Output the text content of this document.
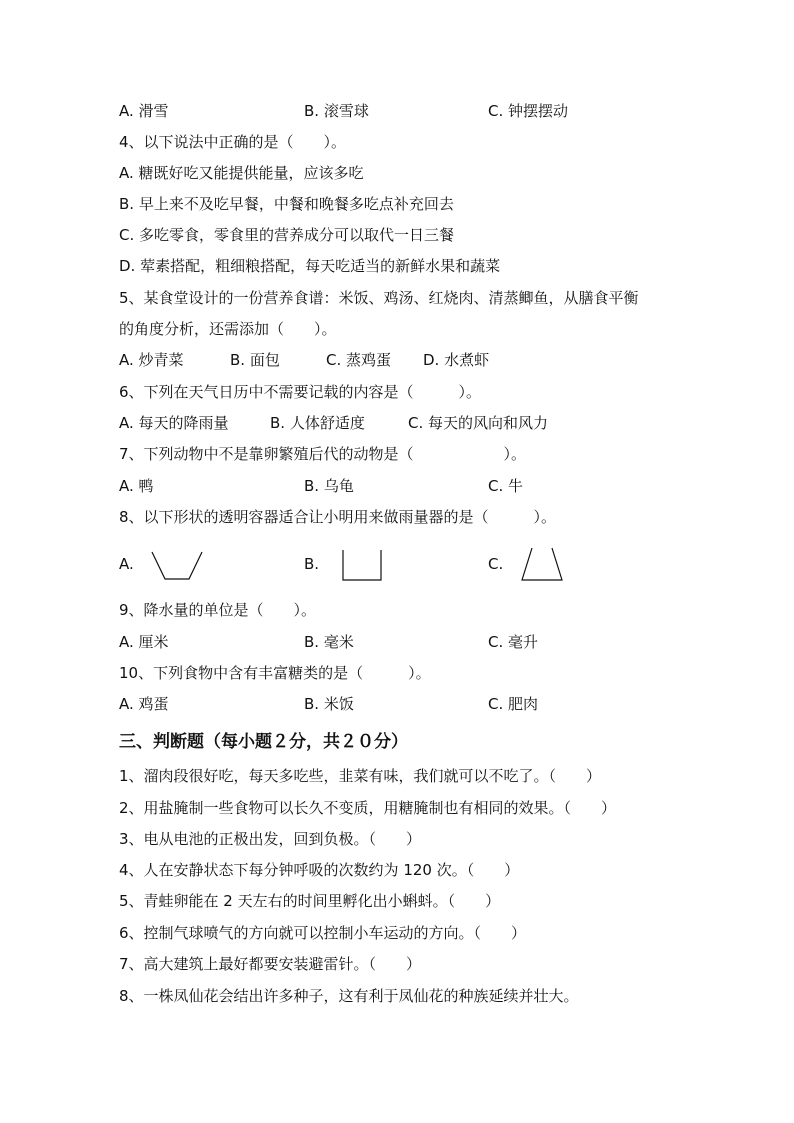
A. 滑雪	B. 滚雪球	C. 钟摆摆动
4、以下说法中正确的是（　　）。
A. 糖既好吃又能提供能量，应该多吃
B. 早上来不及吃早餐，中餐和晚餐多吃点补充回去
C. 多吃零食，零食里的营养成分可以取代一日三餐
D. 荤素搭配，粗细粮搭配，每天吃适当的新鲜水果和蔬菜
5、某食堂设计的一份营养食谱：米饭、鸡汤、红烧肉、清蒸鲫鱼，从膳食平衡
的角度分析，还需添加（　　）。
A. 炒青菜	B. 面包	C. 蒸鸡蛋 D. 水煮虾
6、下列在天气日历中不需要记载的内容是（　　　）。
A. 每天的降雨量	B. 人体舒适度	C. 每天的风向和风力
7、下列动物中不是靠卵繁殖后代的动物是（　　　　　　）。
A. 鸭	B. 乌龟	C. 牛
8、以下形状的透明容器适合让小明用来做雨量器的是（　　　）。
A.	B.	C.
9、降水量的单位是（　　）。
A. 厘米	B. 毫米	C. 毫升
10、下列食物中含有丰富糖类的是（　　　）。
A. 鸡蛋	B. 米饭	C. 肥肉
三、判断题（每小题２分，共２０分）
1、溜肉段很好吃，每天多吃些，韭菜有味，我们就可以不吃了。（　　）
2、用盐腌制一些食物可以长久不变质，用糖腌制也有相同的效果。（　　）
3、电从电池的正极出发，回到负极。（　　）
4、人在安静状态下每分钟呼吸的次数约为 120 次。（　　）
5、青蛙卵能在 2 天左右的时间里孵化出小蝌蚪。（　　）
6、控制气球喷气的方向就可以控制小车运动的方向。（　　）
7、高大建筑上最好都要安装避雷针。（　　）
8、一株凤仙花会结出许多种子，这有利于凤仙花的种族延续并壮大。
